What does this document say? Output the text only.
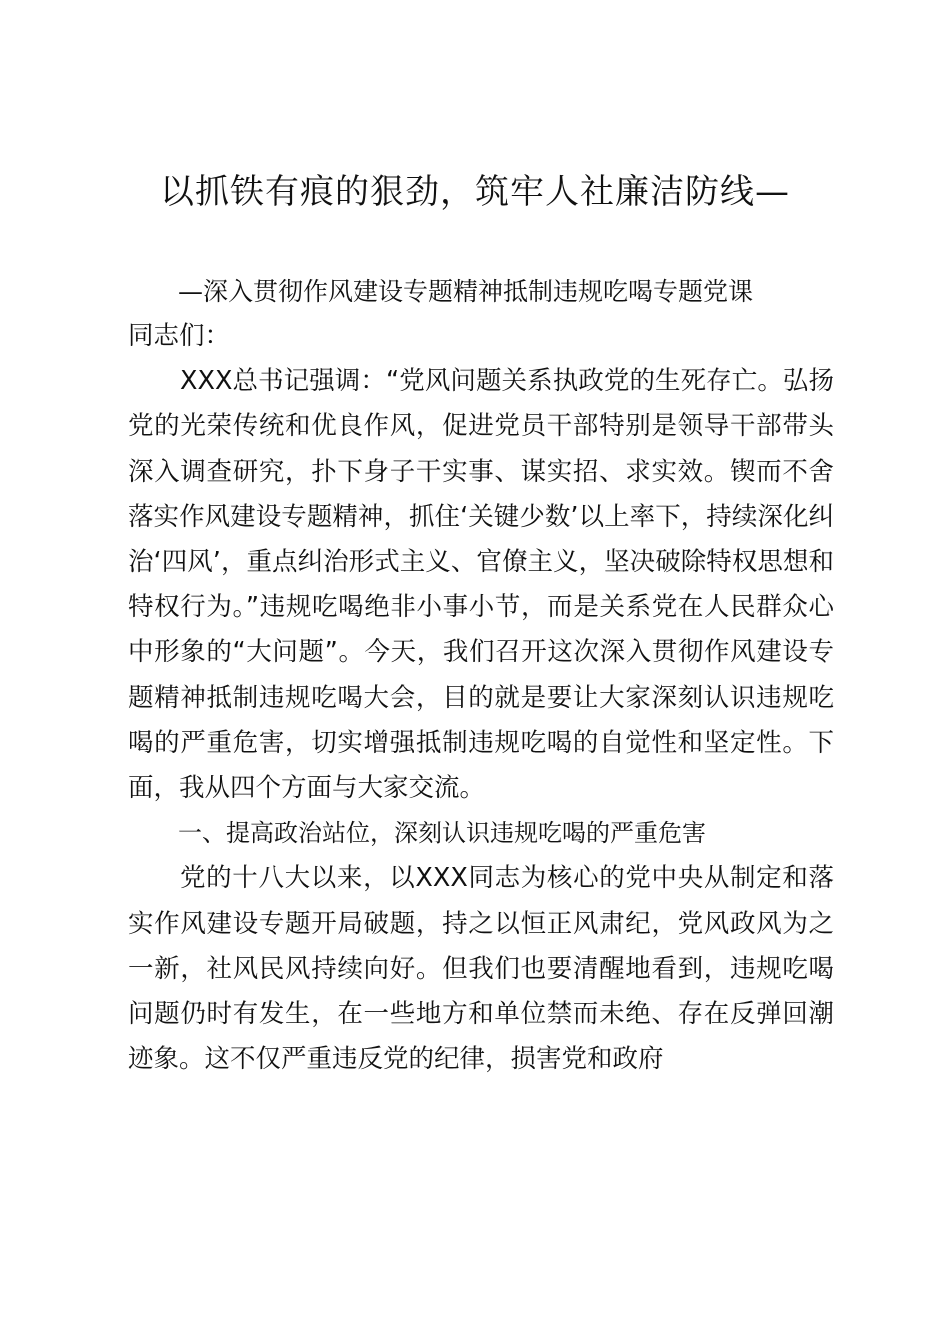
以抓铁有痕的狠劲，筑牢人社廉洁防线—
—深入贯彻作风建设专题精神抵制违规吃喝专题党课

同志们：

XXX总书记强调：“党风问题关系执政党的生死存亡。弘扬党的光荣传统和优良作风，促进党员干部特别是领导干部带头深入调查研究，扑下身子干实事、谋实招、求实效。锲而不舍落实作风建设专题精神，抓住‘关键少数’以上率下，持续深化纠治‘四风’，重点纠治形式主义、官僚主义，坚决破除特权思想和特权行为。”违规吃喝绝非小事小节，而是关系党在人民群众心中形象的“大问题”。今天，我们召开这次深入贯彻作风建设专题精神抵制违规吃喝大会，目的就是要让大家深刻认识违规吃喝的严重危害，切实增强抵制违规吃喝的自觉性和坚定性。下面，我从四个方面与大家交流。

一、提高政治站位，深刻认识违规吃喝的严重危害

党的十八大以来，以XXX同志为核心的党中央从制定和落实作风建设专题开局破题，持之以恒正风肃纪，党风政风为之一新，社风民风持续向好。但我们也要清醒地看到，违规吃喝问题仍时有发生，在一些地方和单位禁而未绝、存在反弹回潮迹象。这不仅严重违反党的纪律，损害党和政府
